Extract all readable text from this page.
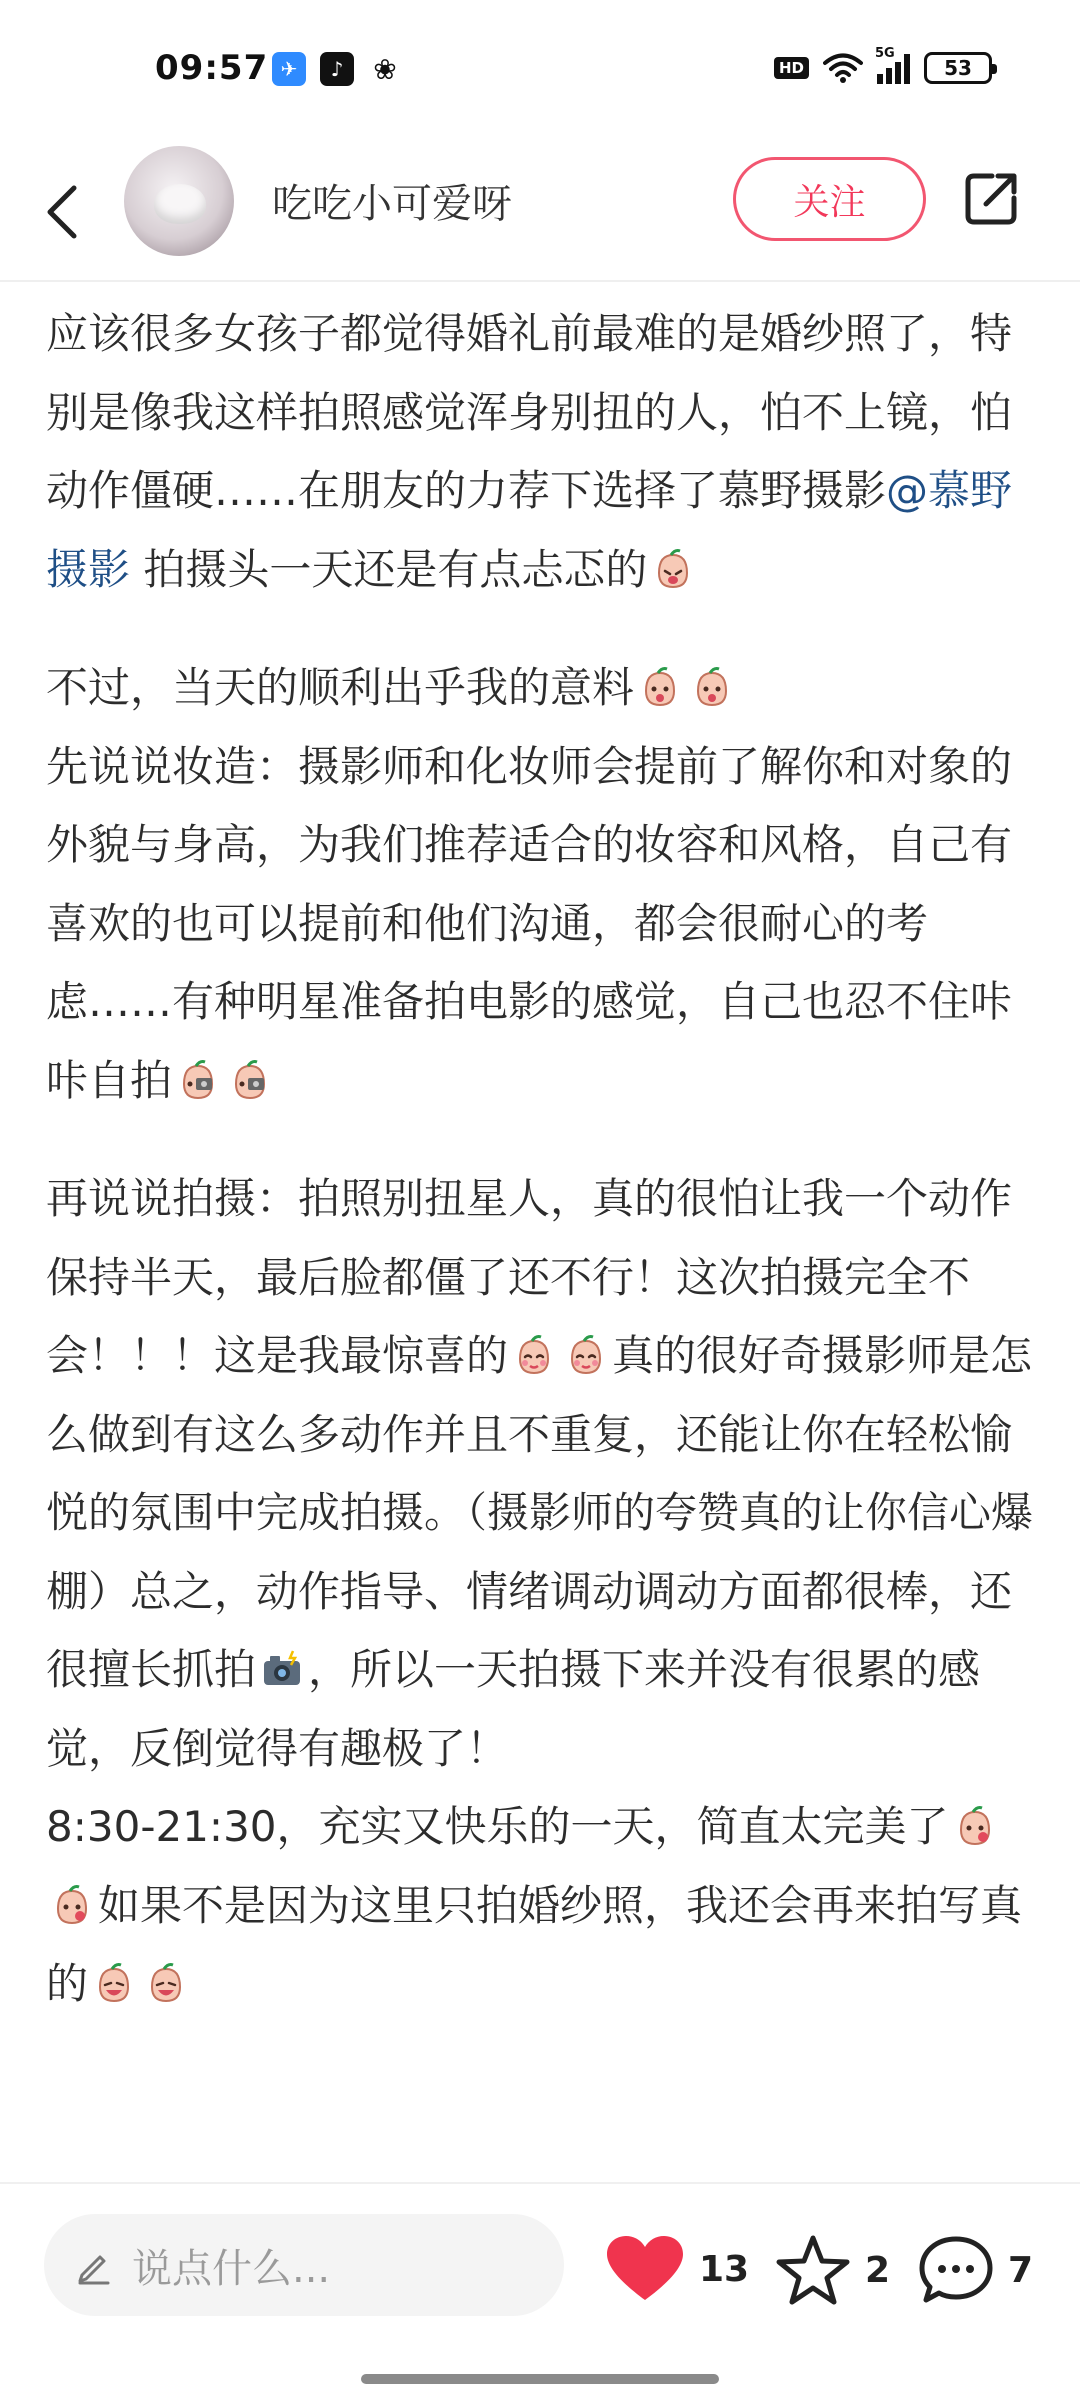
09:57 ✈	♪	❀	HD
5G
53
吃吃小可爱呀	关注

应该很多女孩子都觉得婚礼前最难的是婚纱照了，特别是像我这样拍照感觉浑身别扭的人，怕不上镜，怕动作僵硬……在朋友的力荐下选择了慕野摄影@慕野摄影 拍摄头一天还是有点忐忑的

不过，当天的顺利出乎我的意料
先说说妆造：摄影师和化妆师会提前了解你和对象的外貌与身高，为我们推荐适合的妆容和风格，自己有喜欢的也可以提前和他们沟通，都会很耐心的考虑……有种明星准备拍电影的感觉，自己也忍不住咔咔自拍

再说说拍摄：拍照别扭星人，真的很怕让我一个动作保持半天，最后脸都僵了还不行！这次拍摄完全不会！！！这是我最惊喜的 真的很好奇摄影师是怎么做到有这么多动作并且不重复，还能让你在轻松愉悦的氛围中完成拍摄。（摄影师的夸赞真的让你信心爆棚）总之，动作指导、情绪调动调动方面都很棒，还很擅长抓拍 ，所以一天拍摄下来并没有很累的感觉，反倒觉得有趣极了！
8:30-21:30，充实又快乐的一天，简直太完美了如果不是因为这里只拍婚纱照，我还会再来拍写真的

说点什么...	13	2	7
